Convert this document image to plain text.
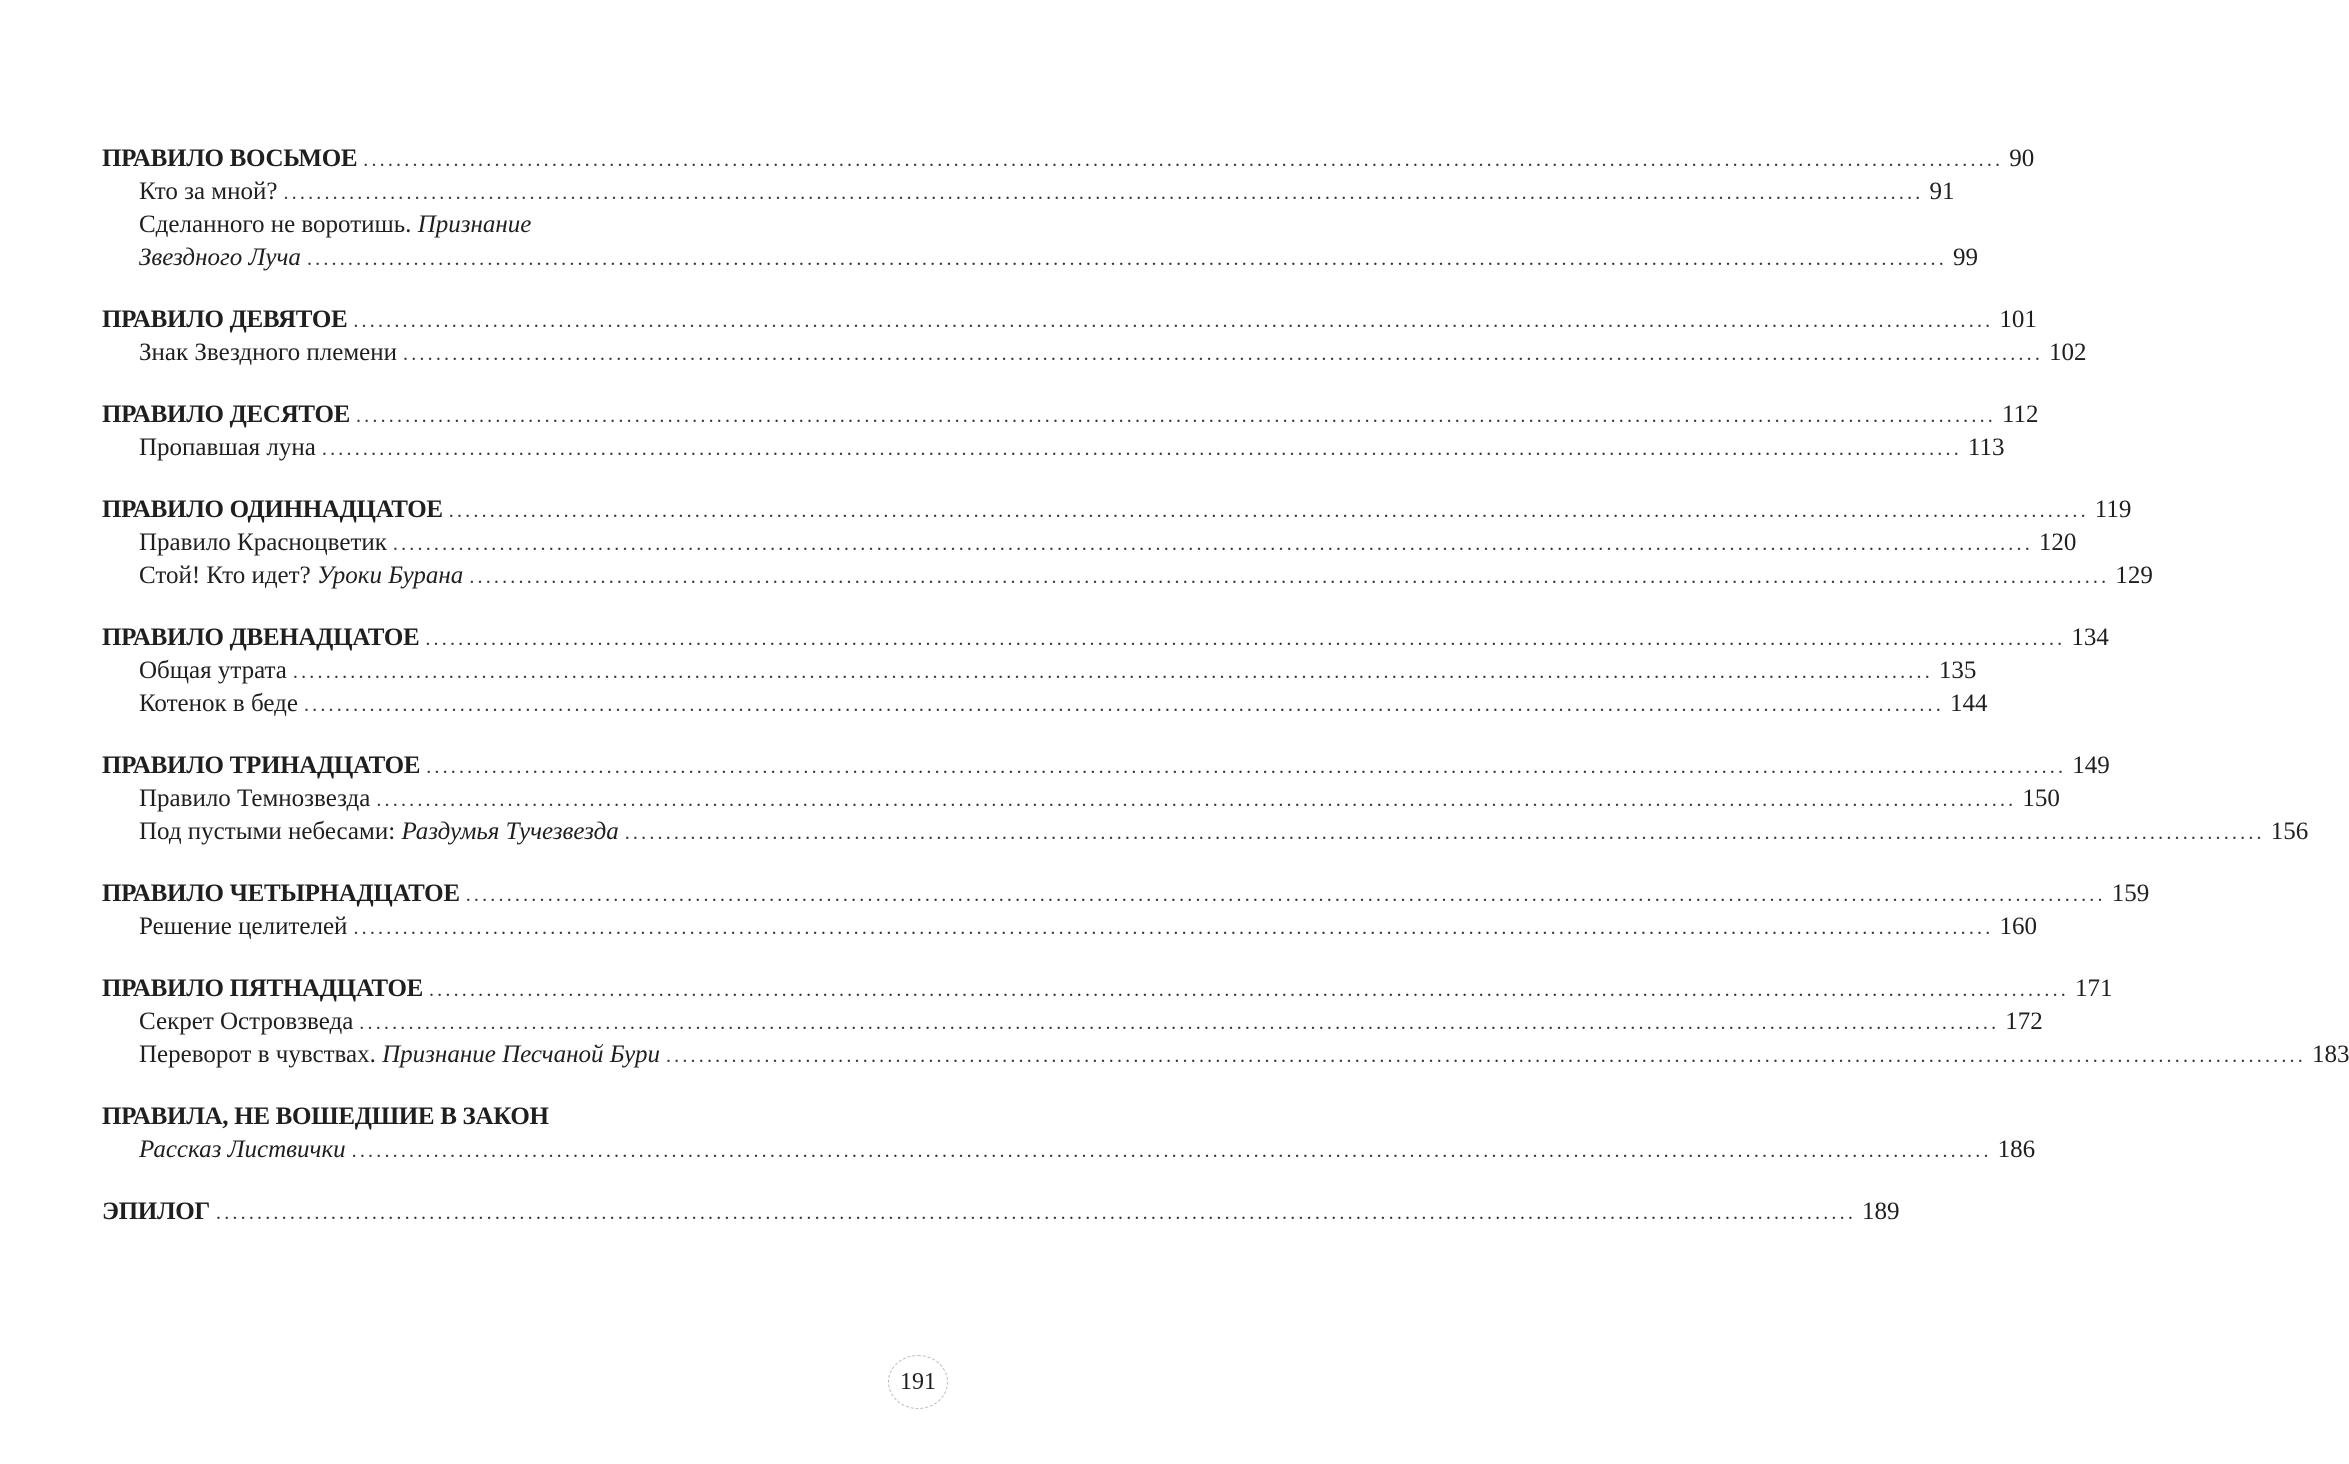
ПРАВИЛО ВОСЬМОЕ ........................................................................................................................................................................................................ 90
Кто за мной? ........................................................................................................................................................................................................ 91
Сделанного не воротишь. Признание
Звездного Луча ........................................................................................................................................................................................................ 99
ПРАВИЛО ДЕВЯТОЕ ........................................................................................................................................................................................................ 101
Знак Звездного племени ........................................................................................................................................................................................................ 102
ПРАВИЛО ДЕСЯТОЕ ........................................................................................................................................................................................................ 112
Пропавшая луна ........................................................................................................................................................................................................ 113
ПРАВИЛО ОДИННАДЦАТОЕ ........................................................................................................................................................................................................ 119
Правило Красноцветик ........................................................................................................................................................................................................ 120
Стой! Кто идет? Уроки Бурана ........................................................................................................................................................................................................ 129
ПРАВИЛО ДВЕНАДЦАТОЕ ........................................................................................................................................................................................................ 134
Общая утрата ........................................................................................................................................................................................................ 135
Котенок в беде ........................................................................................................................................................................................................ 144
ПРАВИЛО ТРИНАДЦАТОЕ ........................................................................................................................................................................................................ 149
Правило Темнозвезда ........................................................................................................................................................................................................ 150
Под пустыми небесами: Раздумья Тучезвезда ........................................................................................................................................................................................................ 156
ПРАВИЛО ЧЕТЫРНАДЦАТОЕ ........................................................................................................................................................................................................ 159
Решение целителей ........................................................................................................................................................................................................ 160
ПРАВИЛО ПЯТНАДЦАТОЕ ........................................................................................................................................................................................................ 171
Секрет Островзведа ........................................................................................................................................................................................................ 172
Переворот в чувствах. Признание Песчаной Бури ........................................................................................................................................................................................................ 183
ПРАВИЛА, НЕ ВОШЕДШИЕ В ЗАКОН
Рассказ Листвички ........................................................................................................................................................................................................ 186
ЭПИЛОГ ........................................................................................................................................................................................................ 189
191
